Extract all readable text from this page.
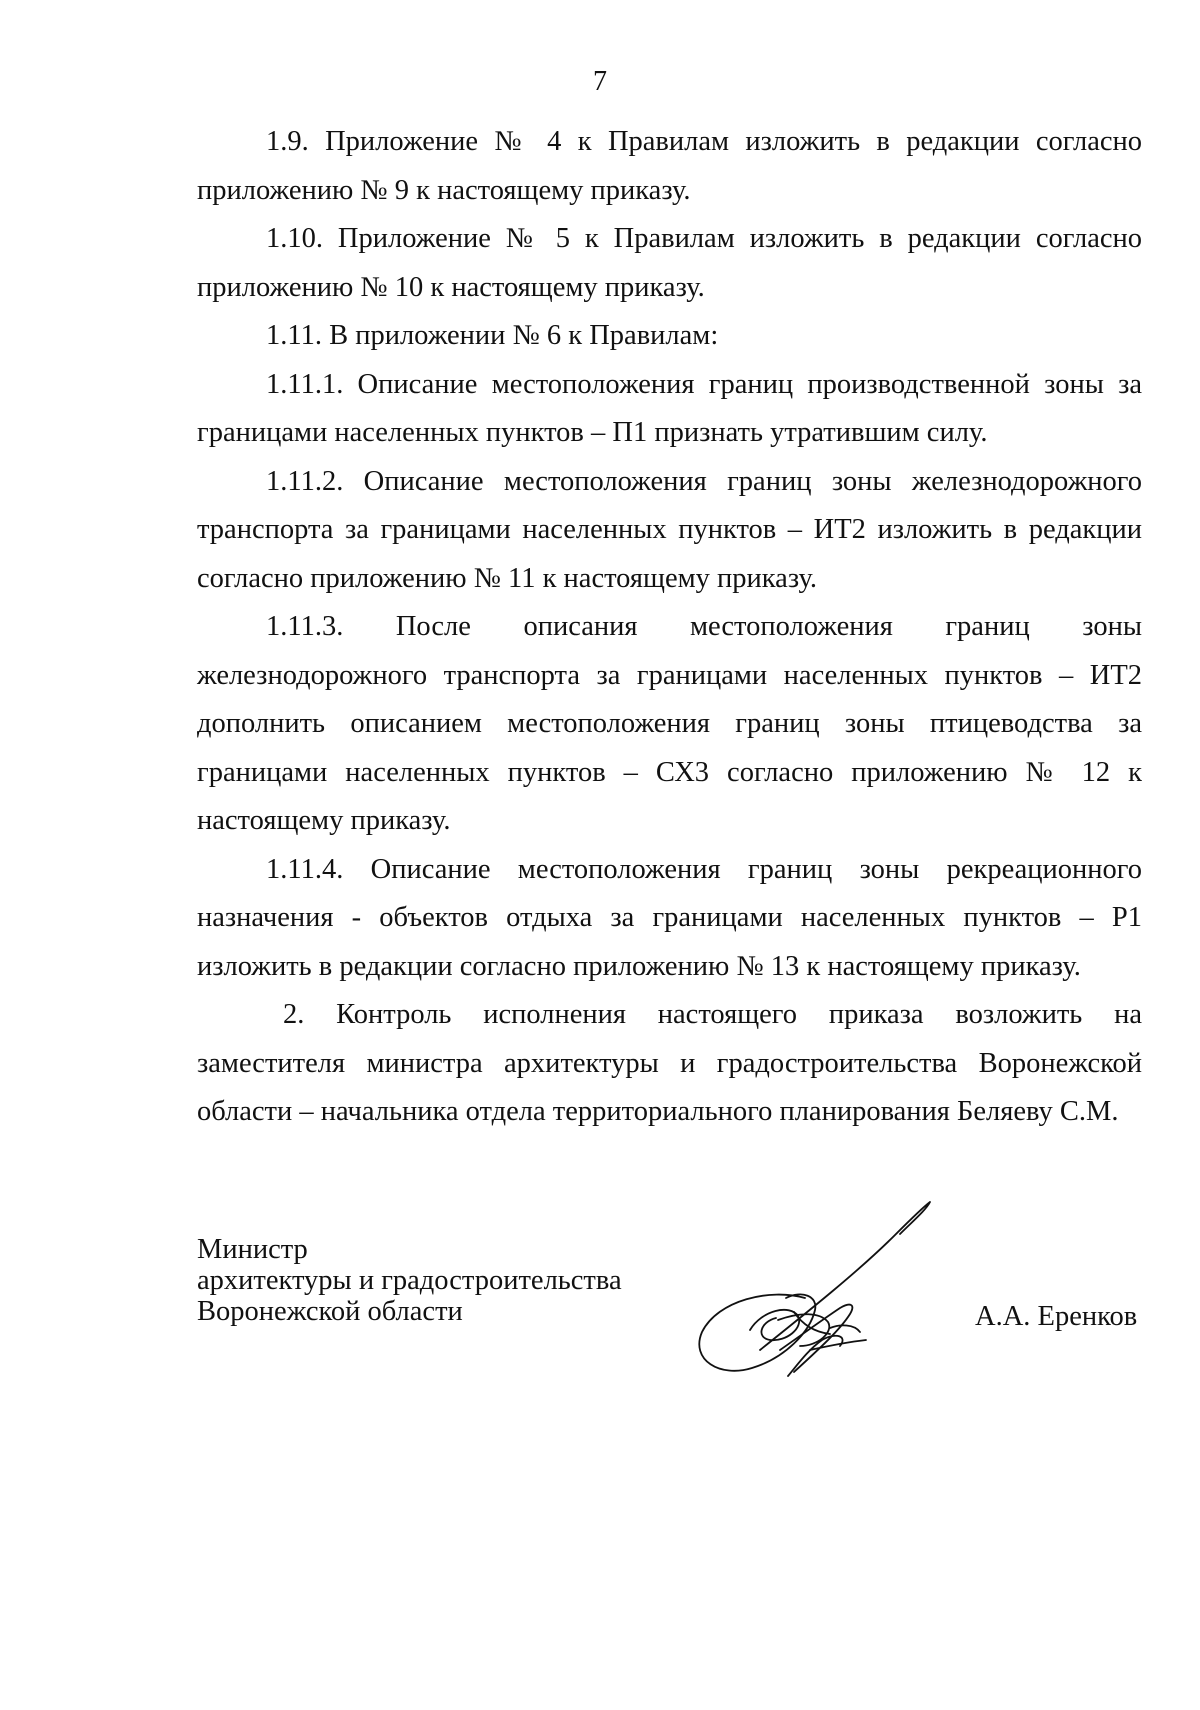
7

1.9. Приложение № 4 к Правилам изложить в редакции согласно приложению № 9 к настоящему приказу.

1.10. Приложение № 5 к Правилам изложить в редакции согласно приложению № 10 к настоящему приказу.

1.11. В приложении № 6 к Правилам:

1.11.1. Описание местоположения границ производственной зоны за границами населенных пунктов – П1 признать утратившим силу.

1.11.2. Описание местоположения границ зоны железнодорожного транспорта за границами населенных пунктов – ИТ2 изложить в редакции согласно приложению № 11 к настоящему приказу.

1.11.3. После описания местоположения границ зоны железнодорожного транспорта за границами населенных пунктов – ИТ2 дополнить описанием местоположения границ зоны птицеводства за границами населенных пунктов – СХ3 согласно приложению № 12 к настоящему приказу.

1.11.4. Описание местоположения границ зоны рекреационного назначения - объектов отдыха за границами населенных пунктов – Р1 изложить в редакции согласно приложению № 13 к настоящему приказу.

2. Контроль исполнения настоящего приказа возложить на заместителя министра архитектуры и градостроительства Воронежской области – начальника отдела территориального планирования Беляеву С.М.

Министр
архитектуры и градостроительства
Воронежской области	А.А. Еренков
